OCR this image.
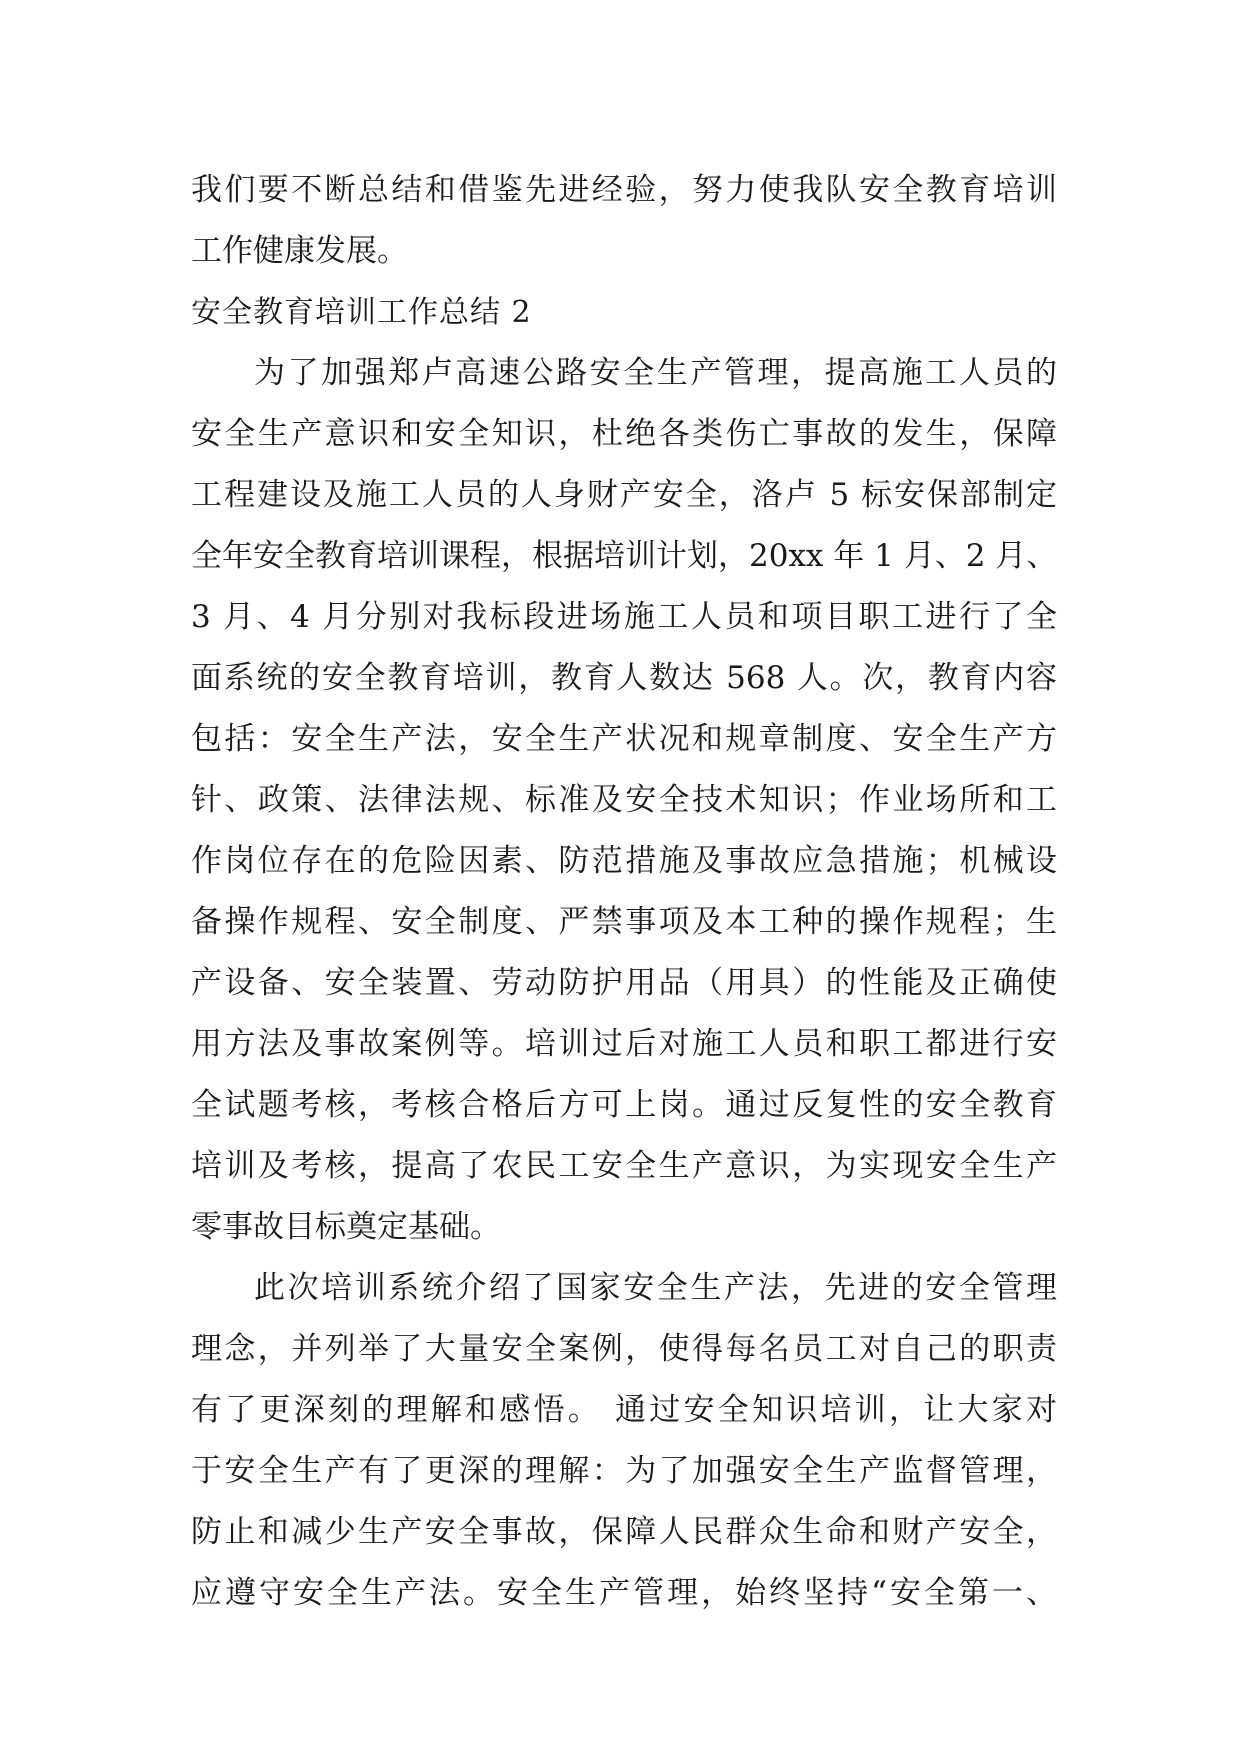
我们要不断总结和借鉴先进经验，努力使我队安全教育培训
工作健康发展。
安全教育培训工作总结 2
为了加强郑卢高速公路安全生产管理，提高施工人员的
安全生产意识和安全知识，杜绝各类伤亡事故的发生，保障
工程建设及施工人员的人身财产安全，洛卢 5 标安保部制定
全年安全教育培训课程，根据培训计划，20xx 年 1 月、2 月、
3 月、4 月分别对我标段进场施工人员和项目职工进行了全
面系统的安全教育培训，教育人数达 568 人。次，教育内容
包括：安全生产法，安全生产状况和规章制度、安全生产方
针、政策、法律法规、标准及安全技术知识；作业场所和工
作岗位存在的危险因素、防范措施及事故应急措施；机械设
备操作规程、安全制度、严禁事项及本工种的操作规程；生
产设备、安全装置、劳动防护用品（用具）的性能及正确使
用方法及事故案例等。培训过后对施工人员和职工都进行安
全试题考核，考核合格后方可上岗。通过反复性的安全教育
培训及考核，提高了农民工安全生产意识，为实现安全生产
零事故目标奠定基础。
此次培训系统介绍了国家安全生产法，先进的安全管理
理念，并列举了大量安全案例，使得每名员工对自己的职责
有了更深刻的理解和感悟。 通过安全知识培训，让大家对
于安全生产有了更深的理解：为了加强安全生产监督管理，
防止和减少生产安全事故，保障人民群众生命和财产安全，
应遵守安全生产法。安全生产管理，始终坚持“安全第一、
